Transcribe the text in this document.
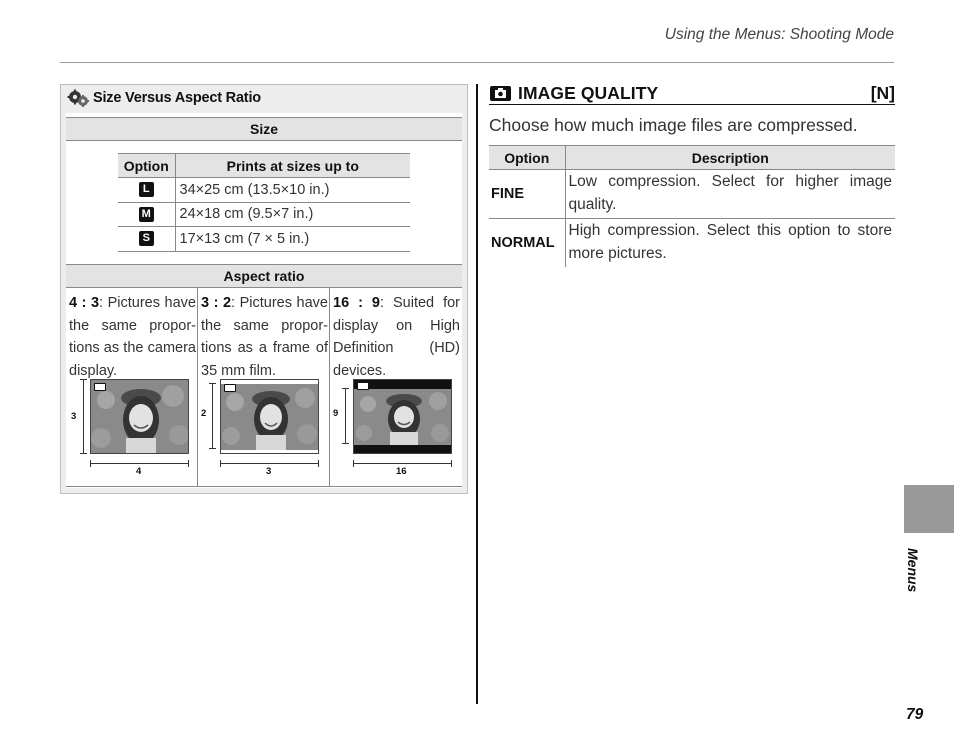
Using the Menus: Shooting Mode
Size Versus Aspect Ratio
Size
Option	Prints at sizes up to
L	34×25 cm (13.5×10 in.)
M	24×18 cm (9.5×7 in.)
S	17×13 cm (7 × 5 in.)
Aspect ratio

4 : 3: Pictures have the same proportions as the camera display.

3
4

3 : 2: Pictures have the same proportions as a frame of 35 mm film.

2
3

16 : 9: Suited for display on High Definition (HD) devices.

9
16
IMAGE QUALITY	[N]
Choose how much image files are compressed.
Option	Description
FINE	Low compression. Select for higher image quality.
NORMAL	High compression. Select this option to store more pictures.
Menus
79
